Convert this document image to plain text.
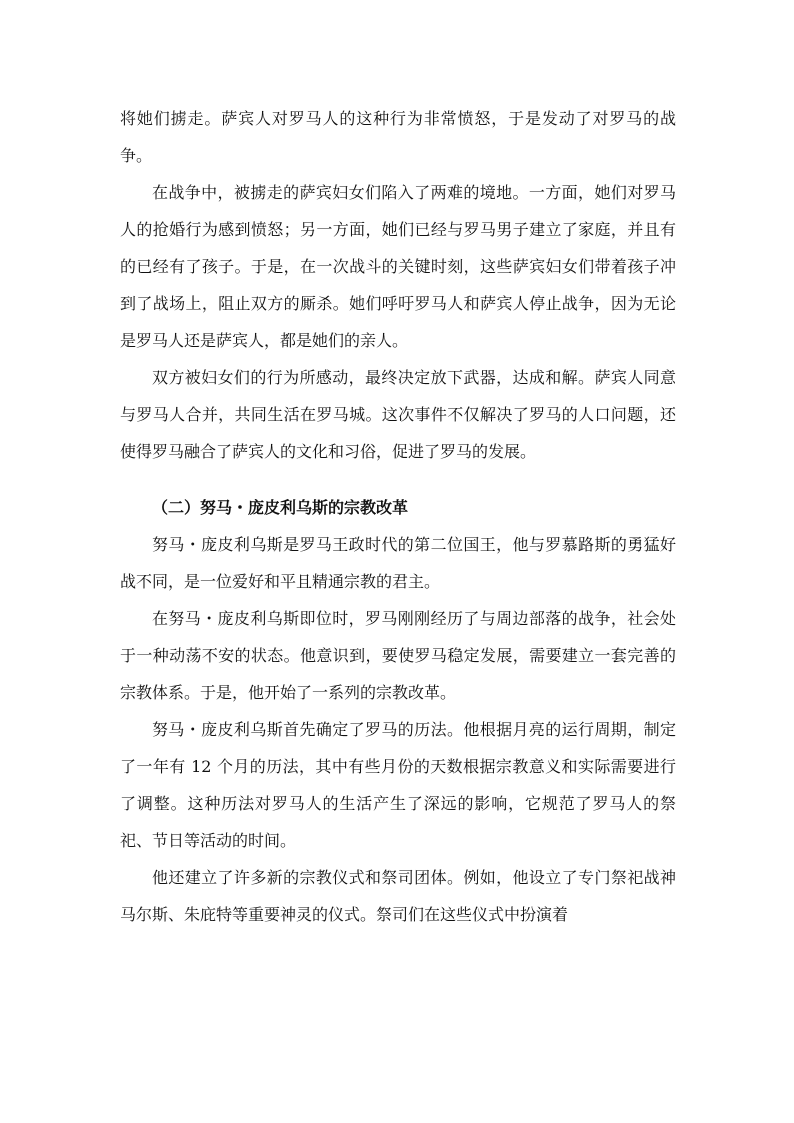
将她们掳走。萨宾人对罗马人的这种行为非常愤怒，于是发动了对罗马的战争。

在战争中，被掳走的萨宾妇女们陷入了两难的境地。一方面，她们对罗马人的抢婚行为感到愤怒；另一方面，她们已经与罗马男子建立了家庭，并且有的已经有了孩子。于是，在一次战斗的关键时刻，这些萨宾妇女们带着孩子冲到了战场上，阻止双方的厮杀。她们呼吁罗马人和萨宾人停止战争，因为无论是罗马人还是萨宾人，都是她们的亲人。

双方被妇女们的行为所感动，最终决定放下武器，达成和解。萨宾人同意与罗马人合并，共同生活在罗马城。这次事件不仅解决了罗马的人口问题，还使得罗马融合了萨宾人的文化和习俗，促进了罗马的发展。

（二）努马・庞皮利乌斯的宗教改革

努马・庞皮利乌斯是罗马王政时代的第二位国王，他与罗慕路斯的勇猛好战不同，是一位爱好和平且精通宗教的君主。

在努马・庞皮利乌斯即位时，罗马刚刚经历了与周边部落的战争，社会处于一种动荡不安的状态。他意识到，要使罗马稳定发展，需要建立一套完善的宗教体系。于是，他开始了一系列的宗教改革。

努马・庞皮利乌斯首先确定了罗马的历法。他根据月亮的运行周期，制定了一年有 12 个月的历法，其中有些月份的天数根据宗教意义和实际需要进行了调整。这种历法对罗马人的生活产生了深远的影响，它规范了罗马人的祭祀、节日等活动的时间。

他还建立了许多新的宗教仪式和祭司团体。例如，他设立了专门祭祀战神马尔斯、朱庇特等重要神灵的仪式。祭司们在这些仪式中扮演着
